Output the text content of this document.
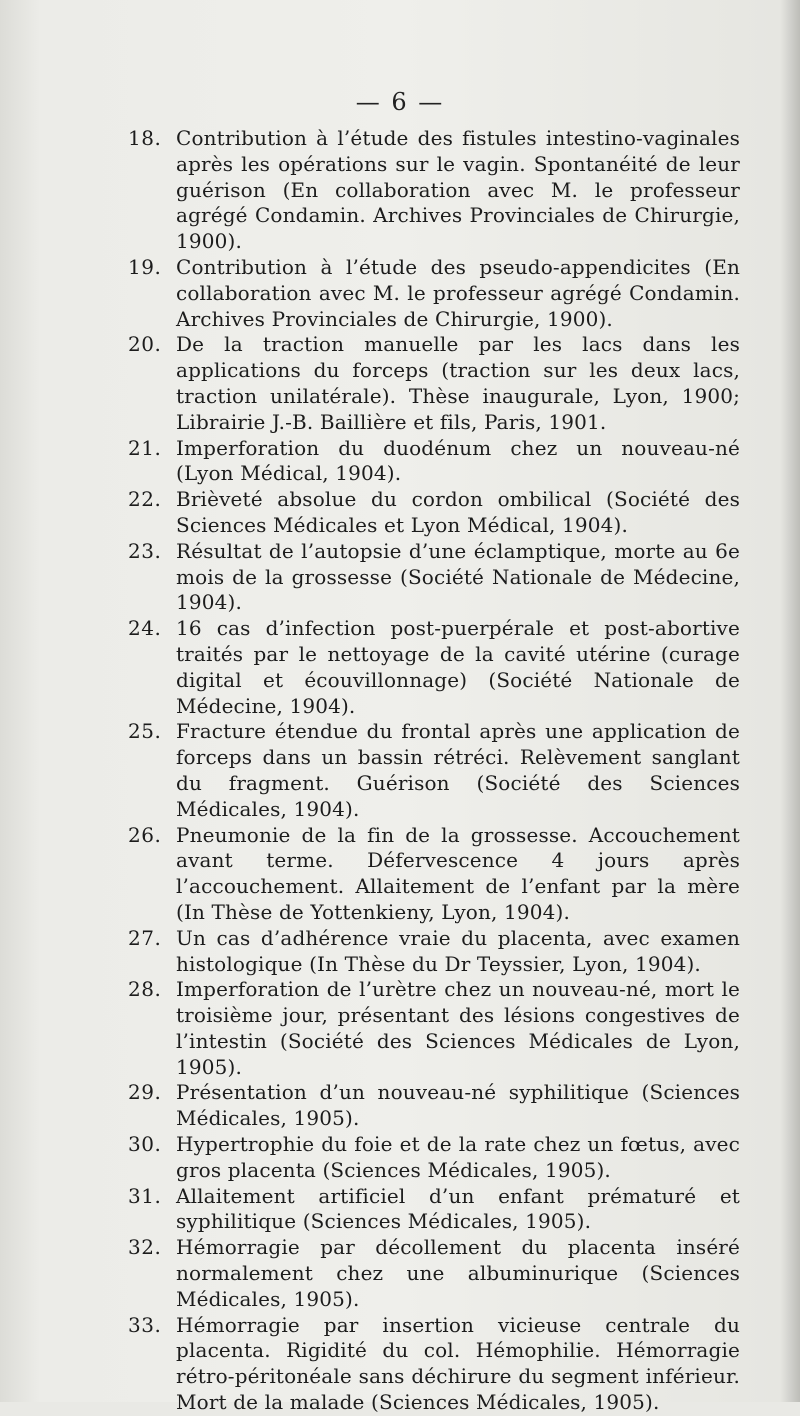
— 6 —
18. Contribution à l’étude des fistules intestino-vaginales après les opérations sur le vagin. Spontanéité de leur guérison (En collaboration avec M. le professeur agrégé Condamin. Archives Provinciales de Chirurgie, 1900).
19. Contribution à l’étude des pseudo-appendicites (En collaboration avec M. le professeur agrégé Condamin. Archives Provinciales de Chirurgie, 1900).
20. De la traction manuelle par les lacs dans les applications du forceps (traction sur les deux lacs, traction unilatérale). Thèse inaugurale, Lyon, 1900; Librairie J.-B. Baillière et fils, Paris, 1901.
21. Imperforation du duodénum chez un nouveau-né (Lyon Médical, 1904).
22. Brièveté absolue du cordon ombilical (Société des Sciences Médicales et Lyon Médical, 1904).
23. Résultat de l’autopsie d’une éclamptique, morte au 6e mois de la grossesse (Société Nationale de Médecine, 1904).
24. 16 cas d’infection post-puerpérale et post-abortive traités par le nettoyage de la cavité utérine (curage digital et écouvillonnage) (Société Nationale de Médecine, 1904).
25. Fracture étendue du frontal après une application de forceps dans un bassin rétréci. Relèvement sanglant du fragment. Guérison (Société des Sciences Médicales, 1904).
26. Pneumonie de la fin de la grossesse. Accouchement avant terme. Défervescence 4 jours après l’accouchement. Allaitement de l’enfant par la mère (In Thèse de Yottenkieny, Lyon, 1904).
27. Un cas d’adhérence vraie du placenta, avec examen histologique (In Thèse du Dr Teyssier, Lyon, 1904).
28. Imperforation de l’urètre chez un nouveau-né, mort le troisième jour, présentant des lésions congestives de l’intestin (Société des Sciences Médicales de Lyon, 1905).
29. Présentation d’un nouveau-né syphilitique (Sciences Médicales, 1905).
30. Hypertrophie du foie et de la rate chez un fœtus, avec gros placenta (Sciences Médicales, 1905).
31. Allaitement artificiel d’un enfant prématuré et syphilitique (Sciences Médicales, 1905).
32. Hémorragie par décollement du placenta inséré normalement chez une albuminurique (Sciences Médicales, 1905).
33. Hémorragie par insertion vicieuse centrale du placenta. Rigidité du col. Hémophilie. Hémorragie rétro-péritonéale sans déchirure du segment inférieur. Mort de la malade (Sciences Médicales, 1905).
